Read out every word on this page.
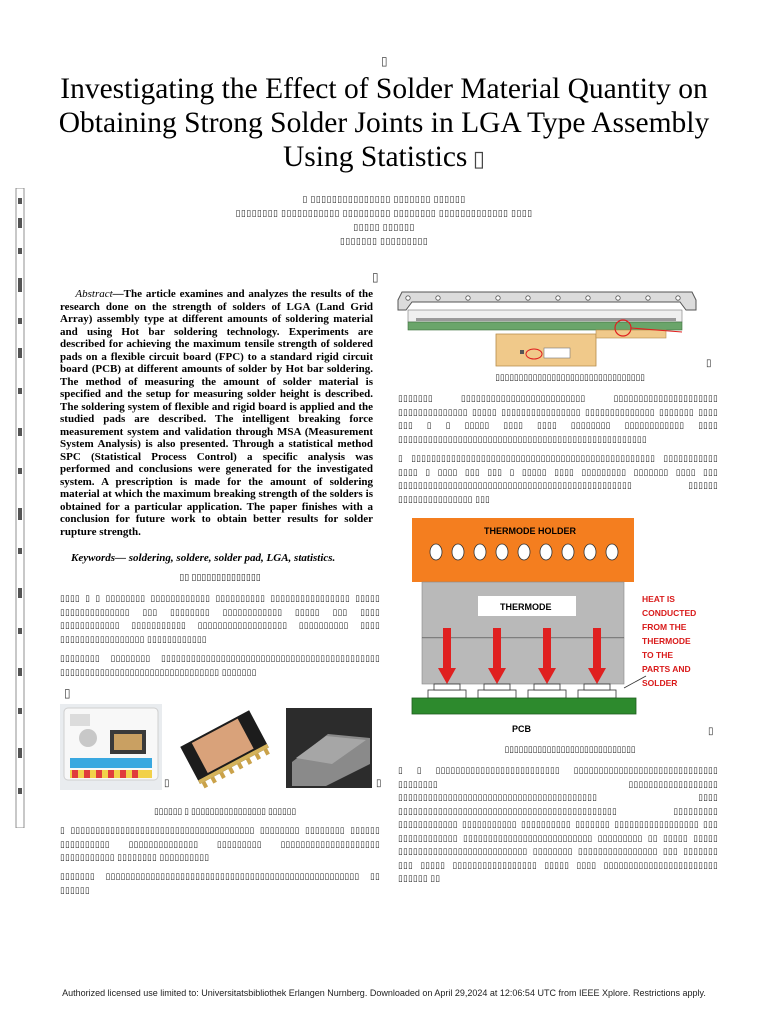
▯
Investigating the Effect of Solder Material Quantity on Obtaining Strong Solder Joints in LGA Type Assembly Using Statistics ▯
▯ ▯▯▯▯▯▯▯▯▯▯▯▯▯▯▯ ▯▯▯▯▯▯▯ ▯▯▯▯▯▯
▯▯▯▯▯▯▯▯ ▯▯▯▯▯▯▯▯▯▯▯ ▯▯▯▯▯▯▯▯▯ ▯▯▯▯▯▯▯▯ ▯▯▯▯▯▯▯▯▯▯▯▯▯ ▯▯▯▯
▯▯▯▯▯ ▯▯▯▯▯▯
▯▯▯▯▯▯▯ ▯▯▯▯▯▯▯▯▯
▯
Abstract—The article examines and analyzes the results of the research done on the strength of solders of LGA (Land Grid Array) assembly type at different amounts of soldering material and using Hot bar soldering technology. Experiments are described for achieving the maximum tensile strength of soldered pads on a flexible circuit board (FPC) to a standard rigid circuit board (PCB) at different amounts of solder by Hot bar soldering. The method of measuring the amount of solder material is specified and the setup for measuring solder height is described. The soldering system of flexible and rigid board is applied and the studied pads are described. The intelligent breaking force measurement system and validation through MSA (Measurement System Analysis) is also presented. Through a statistical method SPC (Statistical Process Control) a specific analysis was performed and conclusions were generated for the investigated system. A prescription is made for the amount of soldering material at which the maximum breaking strength of the solders is obtained for a particular application. The paper finishes with a conclusion for future work to obtain better results for solder rupture strength.
Keywords— soldering, soldere, solder pad, LGA, statistics.
▯▯ ▯▯▯▯▯▯▯▯▯▯▯▯▯▯
▯▯▯▯ ▯ ▯ ▯▯▯▯▯▯▯▯ ▯▯▯▯▯▯▯▯▯▯▯▯ ▯▯▯▯▯▯▯▯▯▯ ▯▯▯▯▯▯▯▯▯▯▯▯▯▯▯▯ ▯▯▯▯▯ ▯▯▯▯▯▯▯▯▯▯▯▯▯▯ ▯▯▯ ▯▯▯▯▯▯▯▯ ▯▯▯▯▯▯▯▯▯▯▯▯ ▯▯▯▯▯ ▯▯▯ ▯▯▯▯ ▯▯▯▯▯▯▯▯▯▯▯▯ ▯▯▯▯▯▯▯▯▯▯▯ ▯▯▯▯▯▯▯▯▯▯▯▯▯▯▯▯▯▯ ▯▯▯▯▯▯▯▯▯▯ ▯▯▯▯ ▯▯▯▯▯▯▯▯▯▯▯▯▯▯▯▯▯ ▯▯▯▯▯▯▯▯▯▯▯▯
▯▯▯▯▯▯▯▯ ▯▯▯▯▯▯▯▯ ▯▯▯▯▯▯▯▯▯▯▯▯▯▯▯▯▯▯▯▯▯▯▯▯▯▯▯▯▯▯▯▯▯▯▯▯▯▯▯▯▯▯▯▯ ▯▯▯▯▯▯▯▯▯▯▯▯▯▯▯▯▯▯▯▯▯▯▯▯▯▯▯▯▯▯▯▯ ▯▯▯▯▯▯▯
▯
▯	▯
▯▯▯▯▯▯ ▯ ▯▯▯▯▯▯▯▯▯▯▯▯▯▯▯▯ ▯▯▯▯▯▯
▯ ▯▯▯▯▯▯▯▯▯▯▯▯▯▯▯▯▯▯▯▯▯▯▯▯▯▯▯▯▯▯▯▯▯▯▯▯▯ ▯▯▯▯▯▯▯▯ ▯▯▯▯▯▯▯▯ ▯▯▯▯▯▯ ▯▯▯▯▯▯▯▯▯▯ ▯▯▯▯▯▯▯▯▯▯▯▯▯▯ ▯▯▯▯▯▯▯▯▯ ▯▯▯▯▯▯▯▯▯▯▯▯▯▯▯▯▯▯▯▯ ▯▯▯▯▯▯▯▯▯▯▯ ▯▯▯▯▯▯▯▯ ▯▯▯▯▯▯▯▯▯▯
▯▯▯▯▯▯▯ ▯▯▯▯▯▯▯▯▯▯▯▯▯▯▯▯▯▯▯▯▯▯▯▯▯▯▯▯▯▯▯▯▯▯▯▯▯▯▯▯▯▯▯▯▯▯▯▯▯▯▯ ▯▯ ▯▯▯▯▯▯
▯
▯▯▯▯▯▯▯▯▯▯▯▯▯▯▯▯▯▯▯▯▯▯▯▯▯▯▯▯▯▯▯▯
▯▯▯▯▯▯▯ ▯▯▯▯▯▯▯▯▯▯▯▯▯▯▯▯▯▯▯▯▯▯▯▯▯ ▯▯▯▯▯▯▯▯▯▯▯▯▯▯▯▯▯▯▯▯▯ ▯▯▯▯▯▯▯▯▯▯▯▯▯▯ ▯▯▯▯▯ ▯▯▯▯▯▯▯▯▯▯▯▯▯▯▯▯ ▯▯▯▯▯▯▯▯▯▯▯▯▯▯ ▯▯▯▯▯▯▯ ▯▯▯▯ ▯▯▯ ▯ ▯ ▯▯▯▯▯ ▯▯▯▯ ▯▯▯▯ ▯▯▯▯▯▯▯▯ ▯▯▯▯▯▯▯▯▯▯▯▯ ▯▯▯▯ ▯▯▯▯▯▯▯▯▯▯▯▯▯▯▯▯▯▯▯▯▯▯▯▯▯▯▯▯▯▯▯▯▯▯▯▯▯▯▯▯▯▯▯▯▯▯▯▯▯▯
▯ ▯▯▯▯▯▯▯▯▯▯▯▯▯▯▯▯▯▯▯▯▯▯▯▯▯▯▯▯▯▯▯▯▯▯▯▯▯▯▯▯▯▯▯▯▯▯▯▯▯ ▯▯▯▯▯▯▯▯▯▯▯ ▯▯▯▯ ▯ ▯▯▯▯ ▯▯▯ ▯▯▯ ▯ ▯▯▯▯▯ ▯▯▯▯ ▯▯▯▯▯▯▯▯▯ ▯▯▯▯▯▯▯ ▯▯▯▯ ▯▯▯ ▯▯▯▯▯▯▯▯▯▯▯▯▯▯▯▯▯▯▯▯▯▯▯▯▯▯▯▯▯▯▯▯▯▯▯▯▯▯▯▯▯▯▯▯▯▯▯ ▯▯▯▯▯▯ ▯▯▯▯▯▯▯▯▯▯▯▯▯▯▯ ▯▯▯
THERMODE HOLDER
THERMODE
PCB
HEAT IS
CONDUCTED
FROM THE
THERMODE
TO THE
PARTS AND
SOLDER
▯
▯▯▯▯▯▯▯▯▯▯▯▯▯▯▯▯▯▯▯▯▯▯▯▯▯▯▯▯
▯ ▯ ▯▯▯▯▯▯▯▯▯▯▯▯▯▯▯▯▯▯▯▯▯▯▯▯▯ ▯▯▯▯▯▯▯▯▯▯▯▯▯▯▯▯▯▯▯▯▯▯▯▯▯▯▯▯▯ ▯▯▯▯▯▯▯▯ ▯▯▯▯▯▯▯▯▯▯▯▯▯▯▯▯▯▯ ▯▯▯▯▯▯▯▯▯▯▯▯▯▯▯▯▯▯▯▯▯▯▯▯▯▯▯▯▯▯▯▯▯▯▯▯▯▯▯▯ ▯▯▯▯ ▯▯▯▯▯▯▯▯▯▯▯▯▯▯▯▯▯▯▯▯▯▯▯▯▯▯▯▯▯▯▯▯▯▯▯▯▯▯▯▯▯▯▯▯ ▯▯▯▯▯▯▯▯▯ ▯▯▯▯▯▯▯▯▯▯▯▯ ▯▯▯▯▯▯▯▯▯▯▯ ▯▯▯▯▯▯▯▯▯▯ ▯▯▯▯▯▯▯ ▯▯▯▯▯▯▯▯▯▯▯▯▯▯▯▯▯ ▯▯▯ ▯▯▯▯▯▯▯▯▯▯▯▯ ▯▯▯▯▯▯▯▯▯▯▯▯▯▯▯▯▯▯▯▯▯▯▯▯▯▯ ▯▯▯▯▯▯▯▯▯ ▯▯ ▯▯▯▯▯ ▯▯▯▯▯ ▯▯▯▯▯▯▯▯▯▯▯▯▯▯▯▯▯▯▯▯▯▯▯▯▯▯ ▯▯▯▯▯▯▯▯ ▯▯▯▯▯▯▯▯▯▯▯▯▯▯▯▯ ▯▯▯ ▯▯▯▯▯▯▯ ▯▯▯ ▯▯▯▯▯ ▯▯▯▯▯▯▯▯▯▯▯▯▯▯▯▯▯ ▯▯▯▯▯ ▯▯▯▯ ▯▯▯▯▯▯▯▯▯▯▯▯▯▯▯▯▯▯▯▯▯▯▯ ▯▯▯▯▯▯ ▯▯
Authorized licensed use limited to: Universitatsbibliothek Erlangen Nurnberg. Downloaded on April 29,2024 at 12:06:54 UTC from IEEE Xplore. Restrictions apply.
